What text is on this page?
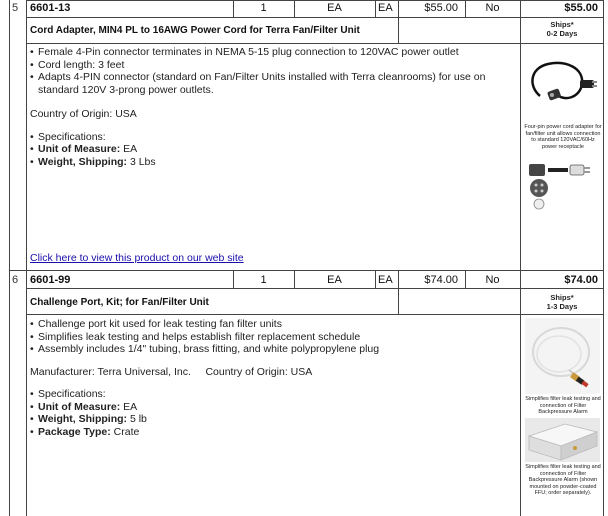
5 6601-13	1	EA	EA	$55.00	No	$55.00
Cord Adapter, MIN4 PL to 16AWG Power Cord for Terra Fan/Filter Unit
Ships*
0-2 Days
• Female 4-Pin connector terminates in NEMA 5-15 plug connection to 120VAC power outlet
• Cord length: 3 feet
• Adapts 4-PIN connector (standard on Fan/Filter Units installed with Terra cleanrooms) for use on standard 120V 3-prong power outlets.
Country of Origin: USA
• Specifications:
• Unit of Measure: EA
• Weight, Shipping: 3 Lbs
Click here to view this product on our web site
Four-pin power cord adapter for fan/filter unit allows connection to standard 120VAC/60Hz power receptacle
6 6601-99	1	EA	EA	$74.00	No	$74.00
Challenge Port, Kit; for Fan/Filter Unit	Ships*
1-3 Days
• Challenge port kit used for leak testing fan filter units
• Simplifies leak testing and helps establish filter replacement schedule
• Assembly includes 1/4" tubing, brass fitting, and white polypropylene plug
Manufacturer: Terra Universal, Inc.     Country of Origin: USA
• Specifications:
• Unit of Measure: EA
• Weight, Shipping: 5 lb
• Package Type: Crate
Simplifies filter leak testing and connection of Filter Backpressure Alarm
Simplifies filter leak testing and connection of Filter Backpressure Alarm (shown mounted on powder-coated FFU; order separately).
